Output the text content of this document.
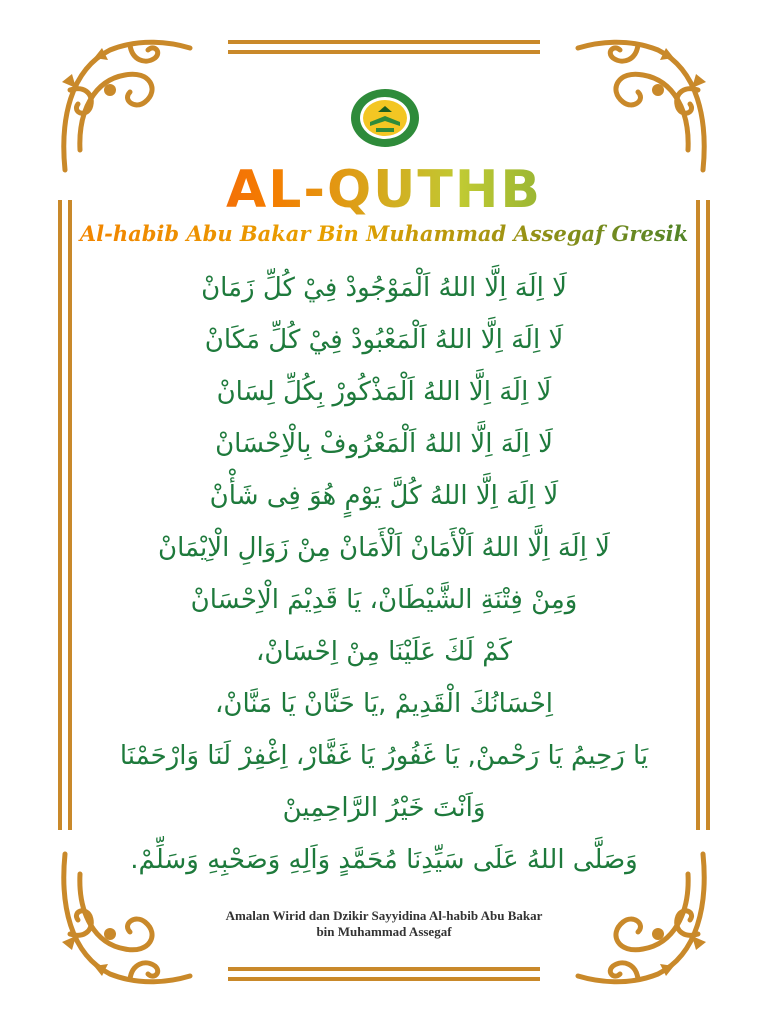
AL-QUTHB
Al-habib Abu Bakar Bin Muhammad Assegaf Gresik
لَا اِلَهَ اِلَّا اللهُ اَلْمَوْجُودْ فِيْ كُلِّ زَمَانْ
لَا اِلَهَ اِلَّا اللهُ اَلْمَعْبُودْ فِيْ كُلِّ مَكَانْ
لَا اِلَهَ اِلَّا اللهُ اَلْمَذْكُورْ بِكُلِّ لِسَانْ
لَا اِلَهَ اِلَّا اللهُ اَلْمَعْرُوفْ بِالْاِحْسَانْ
لَا اِلَهَ اِلَّا اللهُ كُلَّ يَوْمٍ هُوَ فِى شَأْنْ
لَا اِلَهَ اِلَّا اللهُ اَلْأَمَانْ اَلْأَمَانْ مِنْ زَوَالِ الْاِيْمَانْ
وَمِنْ فِتْنَةِ الشَّيْطَانْ، يَا قَدِيْمَ الْاِحْسَانْ
كَمْ لَكَ عَلَيْنَا مِنْ اِحْسَانْ،
اِحْسَانُكَ الْقَدِيمْ ,يَا حَنَّانْ يَا مَنَّانْ،
يَا رَحِيمُ يَا رَحْمنْ, يَا غَفُورُ يَا غَفَّارْ، اِغْفِرْ لَنَا وَارْحَمْنَا
وَاَنْتَ خَيْرُ الرَّاحِمِينْ
وَصَلَّى اللهُ عَلَى سَيِّدِنَا مُحَمَّدٍ وَاَلِهِ وَصَحْبِهِ وَسَلِّمْ.
Amalan Wirid dan Dzikir Sayyidina Al-habib Abu Bakar
bin Muhammad Assegaf
